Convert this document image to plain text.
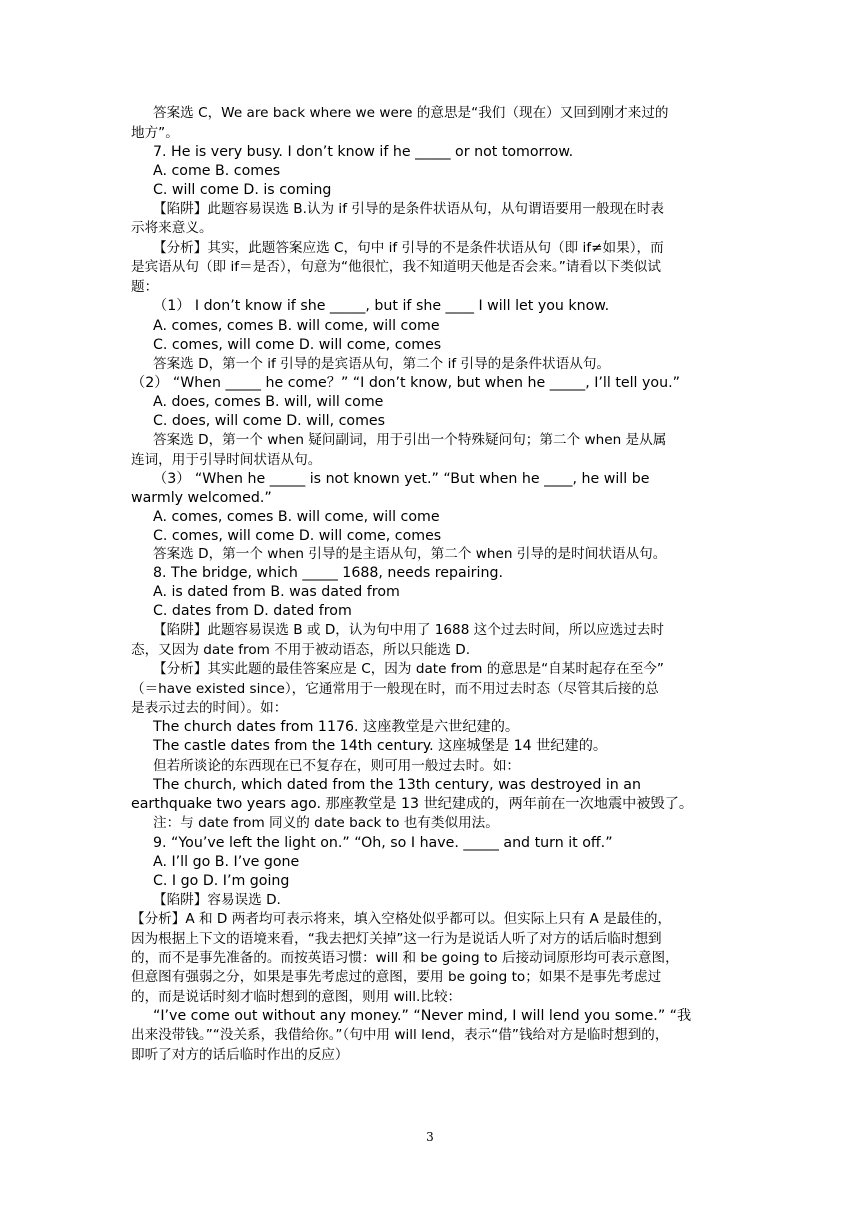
答案选 C，We are back where we were 的意思是“我们（现在）又回到刚才来过的
地方”。
7. He is very busy. I don’t know if he _____ or not tomorrow.
A. come B. comes
C. will come D. is coming
【陷阱】此题容易误选 B.认为 if 引导的是条件状语从句，从句谓语要用一般现在时表
示将来意义。
【分析】其实，此题答案应选 C，句中 if 引导的不是条件状语从句（即 if≠如果），而
是宾语从句（即 if＝是否），句意为“他很忙，我不知道明天他是否会来。”请看以下类似试
题：
（1） I don’t know if she _____, but if she ____ I will let you know.
A. comes, comes B. will come, will come
C. comes, will come D. will come, comes
答案选 D，第一个 if 引导的是宾语从句，第二个 if 引导的是条件状语从句。
（2） “When _____ he come？” “I don’t know, but when he _____, I’ll tell you.”
A. does, comes B. will, will come
C. does, will come D. will, comes
答案选 D，第一个 when 疑问副词，用于引出一个特殊疑问句；第二个 when 是从属
连词，用于引导时间状语从句。
（3） “When he _____ is not known yet.” “But when he ____, he will be
warmly welcomed.”
A. comes, comes B. will come, will come
C. comes, will come D. will come, comes
答案选 D，第一个 when 引导的是主语从句，第二个 when 引导的是时间状语从句。
8. The bridge, which _____ 1688, needs repairing.
A. is dated from B. was dated from
C. dates from D. dated from
【陷阱】此题容易误选 B 或 D，认为句中用了 1688 这个过去时间，所以应选过去时
态，又因为 date from 不用于被动语态，所以只能选 D.
【分析】其实此题的最佳答案应是 C，因为 date from 的意思是“自某时起存在至今”
（＝have existed since），它通常用于一般现在时，而不用过去时态（尽管其后接的总
是表示过去的时间）。如：
The church dates from 1176. 这座教堂是六世纪建的。
The castle dates from the 14th century. 这座城堡是 14 世纪建的。
但若所谈论的东西现在已不复存在，则可用一般过去时。如：
The church, which dated from the 13th century, was destroyed in an
earthquake two years ago. 那座教堂是 13 世纪建成的，两年前在一次地震中被毁了。
注：与 date from 同义的 date back to 也有类似用法。
9. “You’ve left the light on.” “Oh, so I have. _____ and turn it off.”
A. I’ll go B. I’ve gone
C. I go D. I’m going
【陷阱】容易误选 D.
【分析】A 和 D 两者均可表示将来，填入空格处似乎都可以。但实际上只有 A 是最佳的，
因为根据上下文的语境来看，“我去把灯关掉”这一行为是说话人听了对方的话后临时想到
的，而不是事先准备的。而按英语习惯：will 和 be going to 后接动词原形均可表示意图，
但意图有强弱之分，如果是事先考虑过的意图，要用 be going to；如果不是事先考虑过
的，而是说话时刻才临时想到的意图，则用 will.比较：
“I’ve come out without any money.” “Never mind, I will lend you some.” “我
出来没带钱。”“没关系，我借给你。”（句中用 will lend，表示“借”钱给对方是临时想到的，
即听了对方的话后临时作出的反应）
3
